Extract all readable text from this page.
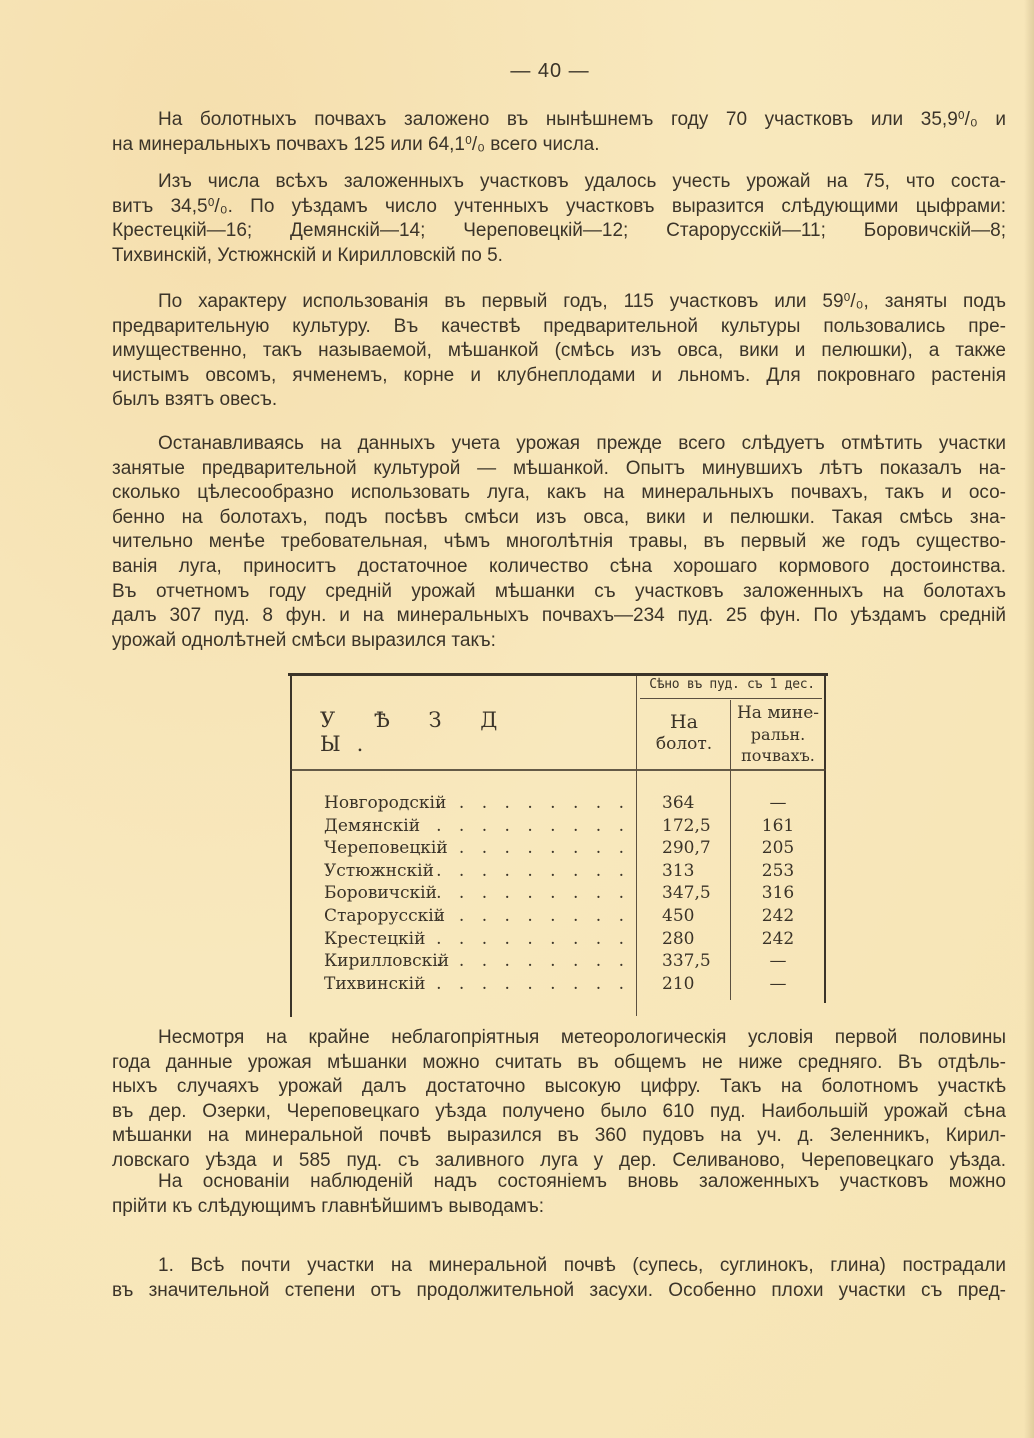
— 40 —

На болотныхъ почвахъ заложено въ нынѣшнемъ году 70 участковъ или 35,9⁰/₀ и
на минеральныхъ почвахъ 125 или 64,1⁰/₀ всего числа.

Изъ числа всѣхъ заложенныхъ участковъ удалось учесть урожай на 75, что соста-
витъ 34,5⁰/₀. По уѣздамъ число учтенныхъ участковъ выразится слѣдующими цыфрами:
Крестецкій—16; Демянскій—14; Череповецкій—12; Старорусскій—11; Боровичскій—8;
Тихвинскій, Устюжнскій и Кирилловскій по 5.

По характеру использованія въ первый годъ, 115 участковъ или 59⁰/₀, заняты подъ
предварительную культуру. Въ качествѣ предварительной культуры пользовались пре-
имущественно, такъ называемой, мѣшанкой (смѣсь изъ овса, вики и пелюшки), а также
чистымъ овсомъ, ячменемъ, корне и клубнеплодами и льномъ. Для покровнаго растенія
былъ взятъ овесъ.

Останавливаясь на данныхъ учета урожая прежде всего слѣдуетъ отмѣтить участки
занятые предварительной культурой — мѣшанкой. Опытъ минувшихъ лѣтъ показалъ на-
сколько цѣлесообразно использовать луга, какъ на минеральныхъ почвахъ, такъ и осо-
бенно на болотахъ, подъ посѣвъ смѣси изъ овса, вики и пелюшки. Такая смѣсь зна-
чительно менѣе требовательная, чѣмъ многолѣтнія травы, въ первый же годъ существо-
ванія луга, приноситъ достаточное количество сѣна хорошаго кормового достоинства.
Въ отчетномъ году средній урожай мѣшанки съ участковъ заложенныхъ на болотахъ
далъ 307 пуд. 8 фун. и на минеральныхъ почвахъ—234 пуд. 25 фун. По уѣздамъ средній
урожай однолѣтней смѣси выразился такъ:

Сѣно въ пуд. съ 1 дес.
У Ѣ З Д Ы.
На
болот.
На мине-
ральн.
почвахъ.
. . . . . . . . .
Новгородскій	364	—
. . . . . . . . .
Демянскій	172,5	161
. . . . . . . . .
Череповецкій	290,7	205
. . . . . . . . .
Устюжнскій	313	253
. . . . . . . . .
Боровичскій	347,5	316
. . . . . . . . .
Старорусскій	450	242
. . . . . . . . .
Крестецкій	280	242
. . . . . . . . .
Кирилловскій	337,5	—
. . . . . . . . .
Тихвинскій	210	—

Несмотря на крайне неблагопріятныя метеорологическія условія первой половины
года данные урожая мѣшанки можно считать въ общемъ не ниже средняго. Въ отдѣль-
ныхъ случаяхъ урожай далъ достаточно высокую цифру. Такъ на болотномъ участкѣ
въ дер. Озерки, Череповецкаго уѣзда получено было 610 пуд. Наибольшій урожай сѣна
мѣшанки на минеральной почвѣ выразился въ 360 пудовъ на уч. д. Зеленникъ, Кирил-
ловскаго уѣзда и 585 пуд. съ заливного луга у дер. Селиваново, Череповецкаго уѣзда.

На основаніи наблюденій надъ состояніемъ вновь заложенныхъ участковъ можно
прійти къ слѣдующимъ главнѣйшимъ выводамъ:

1. Всѣ почти участки на минеральной почвѣ (супесь, суглинокъ, глина) пострадали
въ значительной степени отъ продолжительной засухи. Особенно плохи участки съ пред-
